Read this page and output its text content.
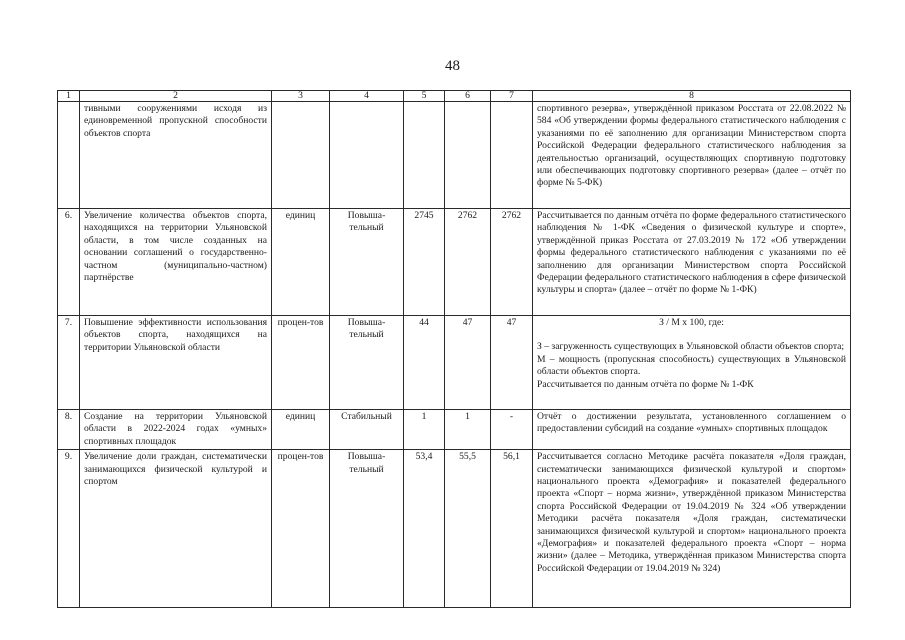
48
1	2	3	4	5	6	7	8
	тивными сооружениями исходя из единовременной пропускной способности объектов спорта						спортивного резерва», утверждённой приказом Росстата от 22.08.2022 № 584 «Об утверждении формы федерального статистического наблюдения с указаниями по её заполнению для организации Министерством спорта Российской Федерации федерального статистического наблюдения за деятельностью организаций, осуществляющих спортивную подготовку или обеспечивающих подготовку спортивного резерва» (далее – отчёт по форме № 5-ФК)
6.	Увеличение количества объектов спорта, находящихся на территории Ульяновской области, в том числе созданных на основании соглашений о государственно-частном (муниципально-частном) партнёрстве	единиц	Повыша-тельный	2745	2762	2762	Рассчитывается по данным отчёта по форме федерального статистического наблюдения № 1-ФК «Сведения о физической культуре и спорте», утверждённой приказ Росстата от 27.03.2019 № 172 «Об утверждении формы федерального статистического наблюдения с указаниями по её заполнению для организации Министерством спорта Российской Федерации федерального статистического наблюдения в сфере физической культуры и спорта» (далее – отчёт по форме № 1-ФК)
7.	Повышение эффективности использования объектов спорта, находящихся на территории Ульяновской области	процен-тов	Повыша-тельный	44	47	47	З / М х 100, где:
З – загруженность существующих в Ульяновской области объектов спорта;
М – мощность (пропускная способность) существующих в Ульяновской области объектов спорта.
Рассчитывается по данным отчёта по форме № 1-ФК

8.	Создание на территории Ульяновской области в 2022-2024 годах «умных» спортивных площадок	единиц	Стабильный	1	1	-	Отчёт о достижении результата, установленного соглашением о предоставлении субсидий на создание «умных» спортивных площадок
9.	Увеличение доли граждан, систематически занимающихся физической культурой и спортом	процен-тов	Повыша-тельный	53,4	55,5	56,1	Рассчитывается согласно Методике расчёта показателя «Доля граждан, систематически занимающихся физической культурой и спортом» национального проекта «Демография» и показателей федерального проекта «Спорт – норма жизни», утверждённой приказом Министерства спорта Российской Федерации от 19.04.2019 № 324 «Об утверждении Методики расчёта показателя «Доля граждан, систематически занимающихся физической культурой и спортом» национального проекта «Демография» и показателей федерального проекта «Спорт – норма жизни» (далее – Методика, утверждённая приказом Министерства спорта Российской Федерации от 19.04.2019 № 324)
